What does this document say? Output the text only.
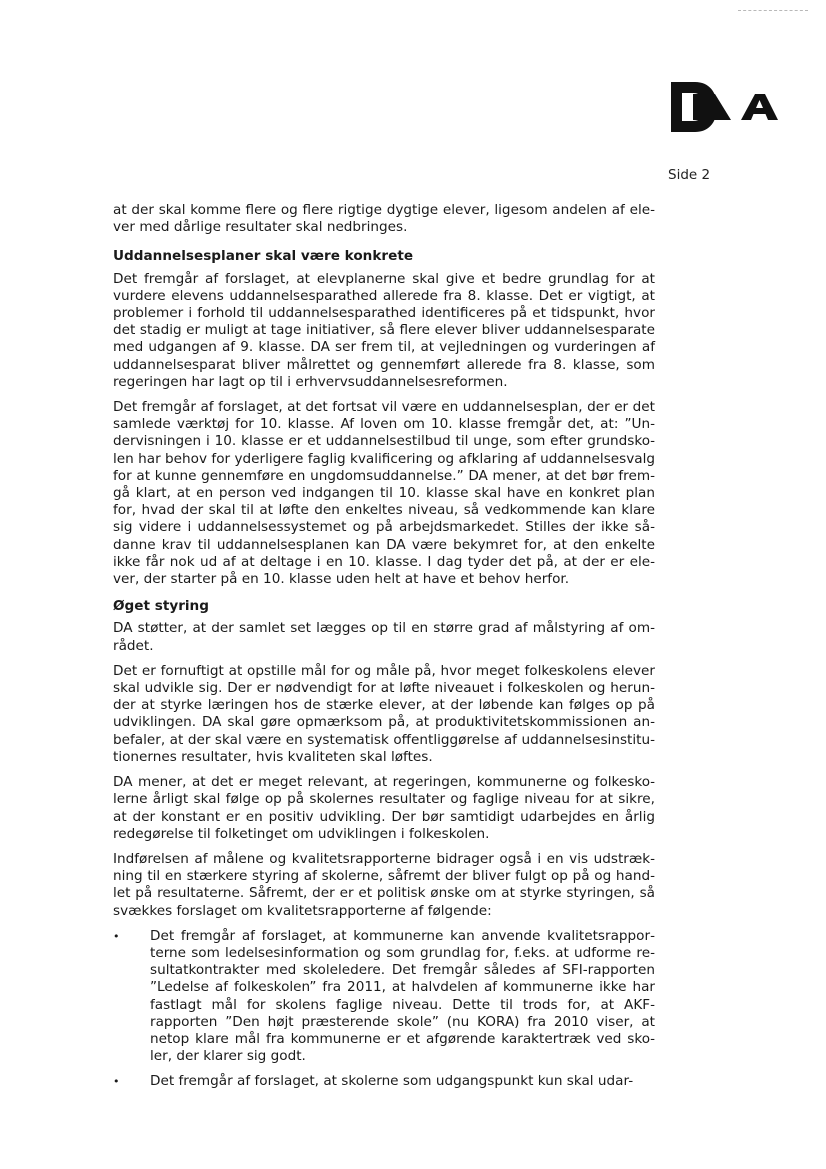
Side 2

at der skal komme flere og flere rigtige dygtige elever, ligesom andelen af elever med dårlige resultater skal nedbringes.

Uddannelsesplaner skal være konkrete

Det fremgår af forslaget, at elevplanerne skal give et bedre grundlag for at vurdere elevens uddannelsesparathed allerede fra 8. klasse. Det er vigtigt, at problemer i forhold til uddannelsesparathed identificeres på et tidspunkt, hvor det stadig er muligt at tage initiativer, så flere elever bliver uddannelsesparate med udgangen af 9. klasse. DA ser frem til, at vejledningen og vurderingen af uddannelsesparat bliver målrettet og gennemført allerede fra 8. klasse, som regeringen har lagt op til i erhvervsuddannelsesreformen.

Det fremgår af forslaget, at det fortsat vil være en uddannelsesplan, der er det samlede værktøj for 10. klasse. Af loven om 10. klasse fremgår det, at: ”Undervisningen i 10. klasse er et uddannelsestilbud til unge, som efter grundskolen har behov for yderligere faglig kvalificering og afklaring af uddannelsesvalg for at kunne gennemføre en ungdomsuddannelse.” DA mener, at det bør fremgå klart, at en person ved indgangen til 10. klasse skal have en konkret plan for, hvad der skal til at løfte den enkeltes niveau, så vedkommende kan klare sig videre i uddannelsessystemet og på arbejdsmarkedet. Stilles der ikke sådanne krav til uddannelsesplanen kan DA være bekymret for, at den enkelte ikke får nok ud af at deltage i en 10. klasse. I dag tyder det på, at der er elever, der starter på en 10. klasse uden helt at have et behov herfor.

Øget styring

DA støtter, at der samlet set lægges op til en større grad af målstyring af området.

Det er fornuftigt at opstille mål for og måle på, hvor meget folkeskolens elever skal udvikle sig. Der er nødvendigt for at løfte niveauet i folkeskolen og herunder at styrke læringen hos de stærke elever, at der løbende kan følges op på udviklingen. DA skal gøre opmærksom på, at produktivitetskommissionen anbefaler, at der skal være en systematisk offentliggørelse af uddannelsesinstitutionernes resultater, hvis kvaliteten skal løftes.

DA mener, at det er meget relevant, at regeringen, kommunerne og folkeskolerne årligt skal følge op på skolernes resultater og faglige niveau for at sikre, at der konstant er en positiv udvikling. Der bør samtidigt udarbejdes en årlig redegørelse til folketinget om udviklingen i folkeskolen.

Indførelsen af målene og kvalitetsrapporterne bidrager også i en vis udstrækning til en stærkere styring af skolerne, såfremt der bliver fulgt op på og handlet på resultaterne. Såfremt, der er et politisk ønske om at styrke styringen, så svækkes forslaget om kvalitetsrapporterne af følgende:

• Det fremgår af forslaget, at kommunerne kan anvende kvalitetsrapporterne som ledelsesinformation og som grundlag for, f.eks. at udforme resultatkontrakter med skoleledere. Det fremgår således af SFI-rapporten ”Ledelse af folkeskolen” fra 2011, at halvdelen af kommunerne ikke har fastlagt mål for skolens faglige niveau. Dette til trods for, at AKF-rapporten ”Den højt præsterende skole” (nu KORA) fra 2010 viser, at netop klare mål fra kommunerne er et afgørende karaktertræk ved skoler, der klarer sig godt.
• Det fremgår af forslaget, at skolerne som udgangspunkt kun skal udar-
